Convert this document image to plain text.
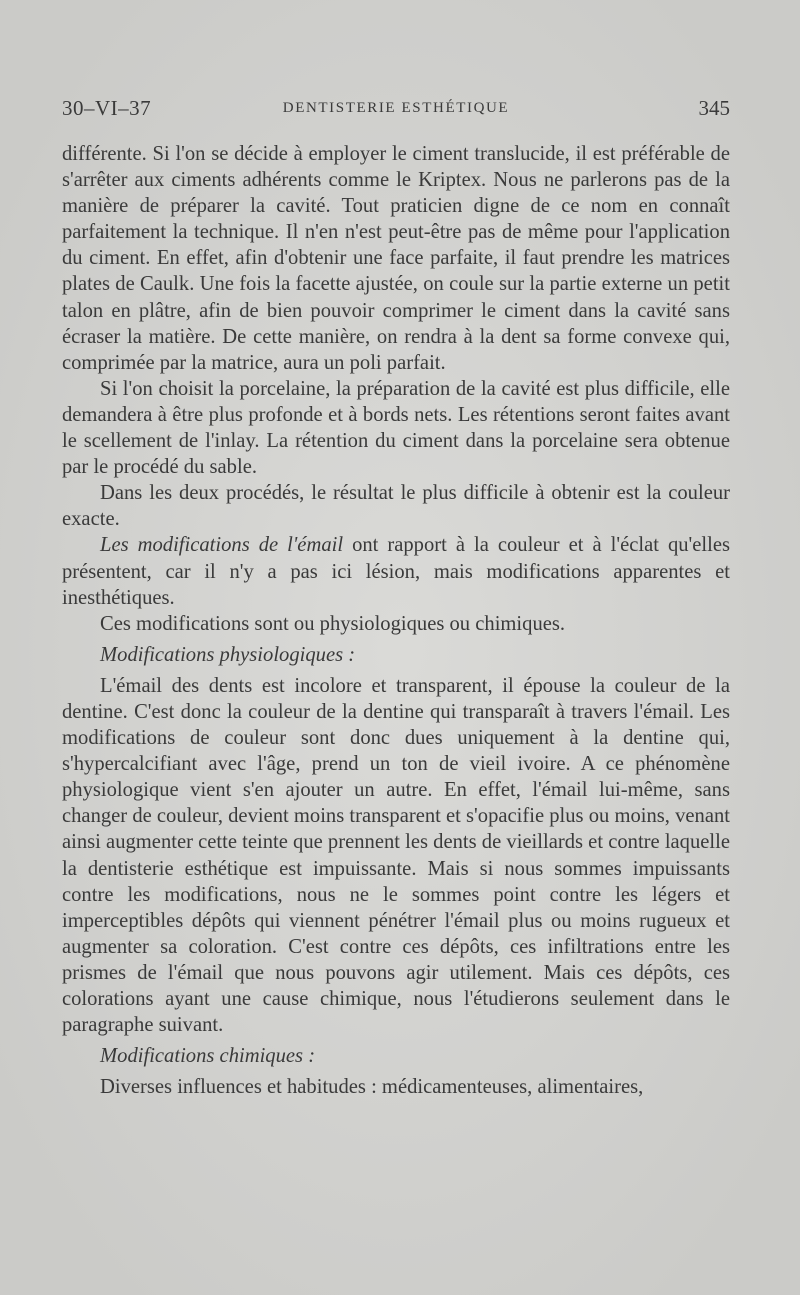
30–VI–37	DENTISTERIE ESTHÉTIQUE	345

différente. Si l'on se décide à employer le ciment translucide, il est préférable de s'arrêter aux ciments adhérents comme le Kriptex. Nous ne parlerons pas de la manière de préparer la cavité. Tout praticien digne de ce nom en connaît parfaitement la technique. Il n'en n'est peut-être pas de même pour l'application du ciment. En effet, afin d'obtenir une face parfaite, il faut prendre les matrices plates de Caulk. Une fois la facette ajustée, on coule sur la partie externe un petit talon en plâtre, afin de bien pouvoir comprimer le ciment dans la cavité sans écraser la matière. De cette manière, on rendra à la dent sa forme convexe qui, comprimée par la matrice, aura un poli parfait.

Si l'on choisit la porcelaine, la préparation de la cavité est plus difficile, elle demandera à être plus profonde et à bords nets. Les rétentions seront faites avant le scellement de l'inlay. La rétention du ciment dans la porcelaine sera obtenue par le procédé du sable.

Dans les deux procédés, le résultat le plus difficile à obtenir est la couleur exacte.

Les modifications de l'émail ont rapport à la couleur et à l'éclat qu'elles présentent, car il n'y a pas ici lésion, mais modifications apparentes et inesthétiques.

Ces modifications sont ou physiologiques ou chimiques.

Modifications physiologiques :

L'émail des dents est incolore et transparent, il épouse la couleur de la dentine. C'est donc la couleur de la dentine qui transparaît à travers l'émail. Les modifications de couleur sont donc dues uniquement à la dentine qui, s'hypercalcifiant avec l'âge, prend un ton de vieil ivoire. A ce phénomène physiologique vient s'en ajouter un autre. En effet, l'émail lui-même, sans changer de couleur, devient moins transparent et s'opacifie plus ou moins, venant ainsi augmenter cette teinte que prennent les dents de vieillards et contre laquelle la dentisterie esthétique est impuissante. Mais si nous sommes impuissants contre les modifications, nous ne le sommes point contre les légers et imperceptibles dépôts qui viennent pénétrer l'émail plus ou moins rugueux et augmenter sa coloration. C'est contre ces dépôts, ces infiltrations entre les prismes de l'émail que nous pouvons agir utilement. Mais ces dépôts, ces colorations ayant une cause chimique, nous l'étudierons seulement dans le paragraphe suivant.

Modifications chimiques :

Diverses influences et habitudes : médicamenteuses, alimentaires,
